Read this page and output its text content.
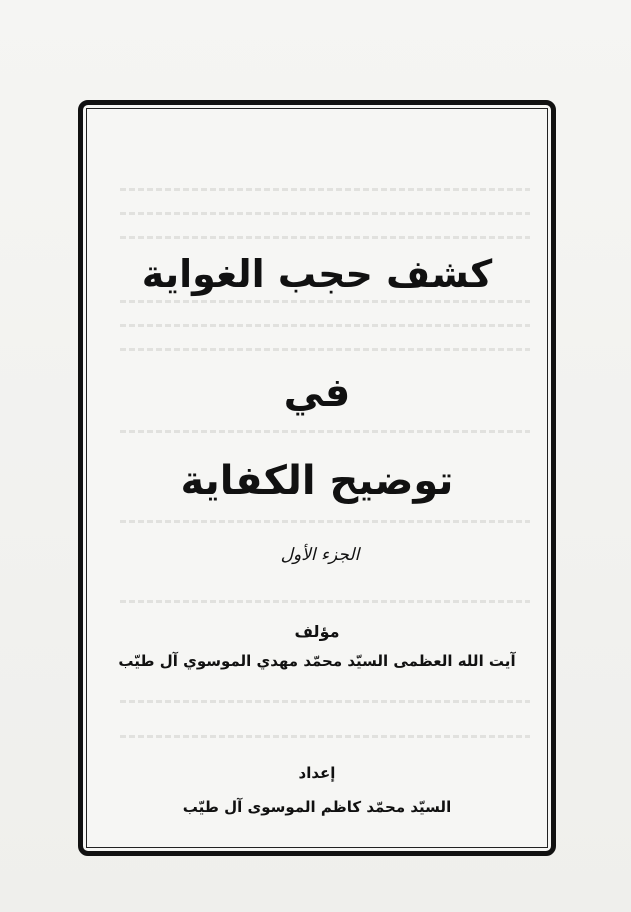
كشف حجب الغواية

في

توضيح الكفاية

الجزء الأول

مؤلف

آيت الله العظمى السيّد محمّد مهدي الموسوي آل طيّب

إعداد

السيّد محمّد كاظم الموسوى آل طيّب
